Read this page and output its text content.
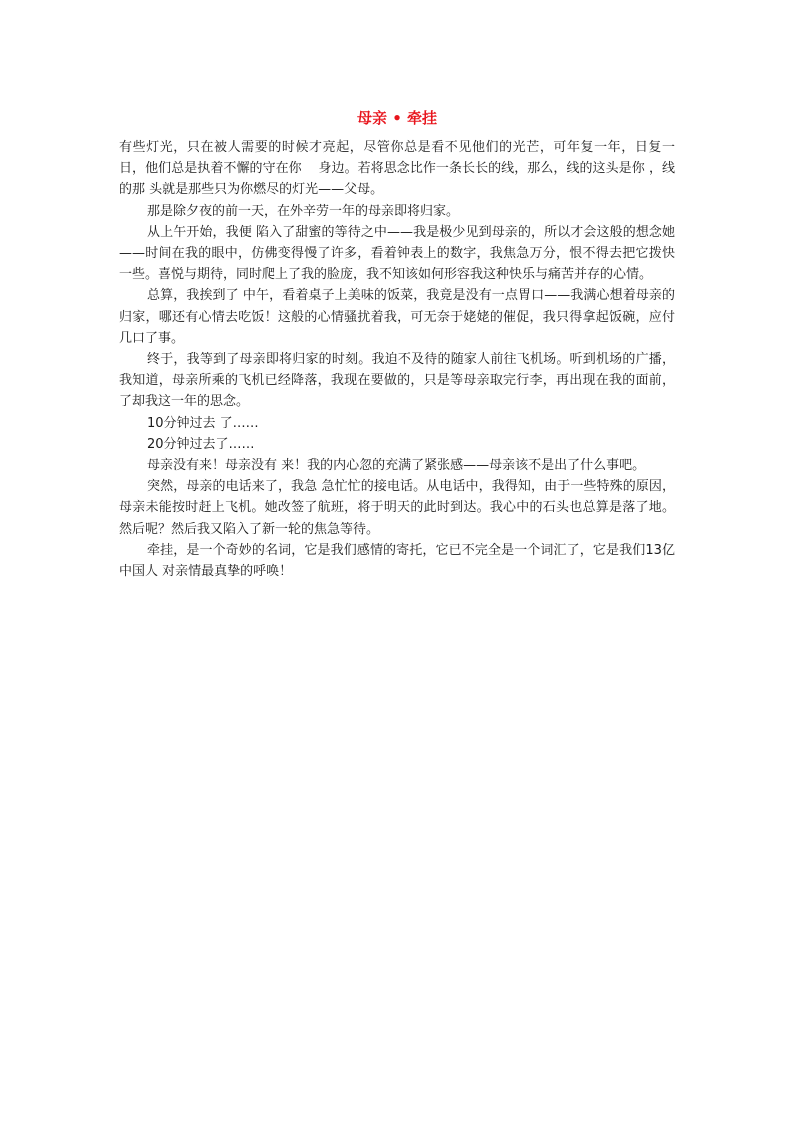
母亲 • 牵挂

有些灯光，只在被人需要的时候才亮起，尽管你总是看不见他们的光芒，可年复一年，日复一日，他们总是执着不懈的守在你    身边。若将思念比作一条长长的线，那么，线的这头是你 ，线的那 头就是那些只为你燃尽的灯光——父母。

那是除夕夜的前一天，在外辛劳一年的母亲即将归家。

从上午开始，我便 陷入了甜蜜的等待之中——我是极少见到母亲的，所以才会这般的想念她——时间在我的眼中，仿佛变得慢了许多，看着钟表上的数字，我焦急万分，恨不得去把它拨快一些。喜悦与期待，同时爬上了我的脸庞，我不知该如何形容我这种快乐与痛苦并存的心情。

总算，我挨到了 中午，看着桌子上美味的饭菜，我竟是没有一点胃口——我满心想着母亲的归家，哪还有心情去吃饭！这般的心情骚扰着我，可无奈于姥姥的催促，我只得拿起饭碗，应付几口了事。

终于，我等到了母亲即将归家的时刻。我迫不及待的随家人前往飞机场。听到机场的广播，我知道，母亲所乘的飞机已经降落，我现在要做的，只是等母亲取完行李，再出现在我的面前，了却我这一年的思念。

10分钟过去 了……

20分钟过去了……

母亲没有来！母亲没有 来！我的内心忽的充满了紧张感——母亲该不是出了什么事吧。

突然，母亲的电话来了，我急 急忙忙的接电话。从电话中，我得知，由于一些特殊的原因，母亲未能按时赶上飞机。她改签了航班，将于明天的此时到达。我心中的石头也总算是落了地。然后呢？然后我又陷入了新一轮的焦急等待。

牵挂，是一个奇妙的名词，它是我们感情的寄托，它已不完全是一个词汇了，它是我们13亿中国人 对亲情最真挚的呼唤！
